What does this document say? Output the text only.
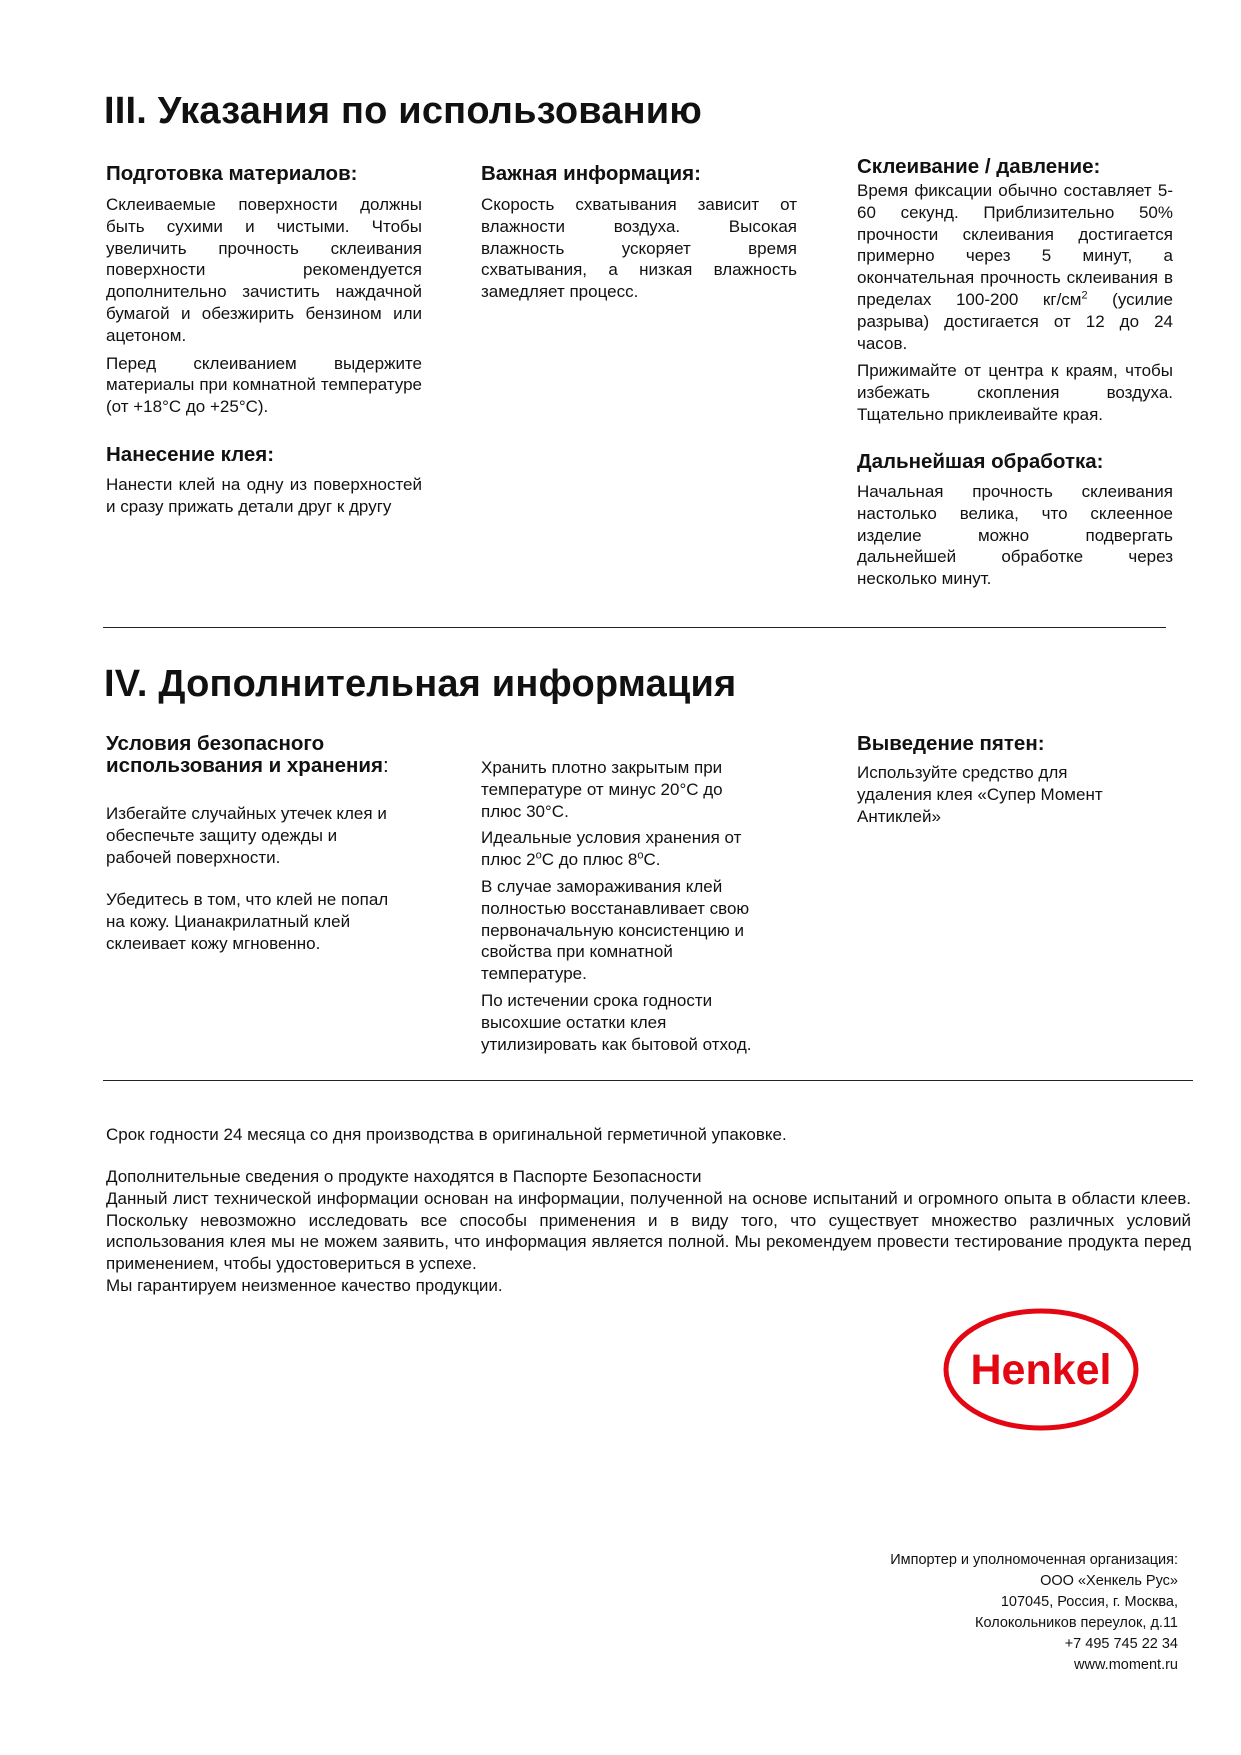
III. Указания по использованию
Подготовка материалов:

Склеиваемые поверхности должны быть сухими и чистыми. Чтобы увеличить прочность склеивания поверхности рекомендуется дополнительно зачистить наждачной бумагой и обезжирить бензином или ацетоном.

Перед склеиванием выдержите материалы при комнатной температуре (от +18°С до +25°С).

Нанесение клея:

Нанести клей на одну из поверхностей и сразу прижать детали друг к другу

Важная информация:

Скорость схватывания зависит от влажности воздуха. Высокая влажность ускоряет время схватывания, а низкая влажность замедляет процесс.

Склеивание / давление:

Время фиксации обычно составляет 5-60 секунд. Приблизительно 50% прочности склеивания достигается примерно через 5 минут, а окончательная прочность склеивания в пределах 100-200 $кг/см^2$ (усилие разрыва) достигается от 12 до 24 часов.

Прижимайте от центра к краям, чтобы избежать скопления воздуха. Тщательно приклеивайте края.

Дальнейшая обработка:

Начальная прочность склеивания настолько велика, что склеенное изделие можно подвергать дальнейшей обработке через несколько минут.

IV. Дополнительная информация
Условия безопасного
использования и хранения:
Избегайте случайных утечек клея и
обеспечьте защиту одежды и
рабочей поверхности.
Убедитесь в том, что клей не попал
на кожу. Цианакрилатный клей
склеивает кожу мгновенно.
Хранить плотно закрытым при
температуре от минус 20°С до
плюс 30°С.
Идеальные условия хранения от
плюс $2^оС$ до плюс $8^оС$.
В случае замораживания клей
полностью восстанавливает свою
первоначальную консистенцию и
свойства при комнатной
температуре.
По истечении срока годности
высохшие остатки клея
утилизировать как бытовой отход.
Выведение пятен:
Используйте средство для
удаления клея «Супер Момент
Антиклей»
Срок годности 24 месяца со дня производства в оригинальной герметичной упаковке.

Дополнительные сведения о продукте находятся в Паспорте Безопасности

Данный лист технической информации основан на информации, полученной на основе испытаний и огромного опыта в области клеев. Поскольку невозможно исследовать все способы применения и в виду того, что существует множество различных условий использования клея мы не можем заявить, что информация является полной. Мы рекомендуем провести тестирование продукта перед применением, чтобы удостовериться в успехе.

Мы гарантируем неизменное качество продукции.

Henkel
Импортер и уполномоченная организация:
ООО «Хенкель Рус»
107045, Россия, г. Москва,
Колокольников переулок, д.11
+7 495 745 22 34
www.moment.ru
